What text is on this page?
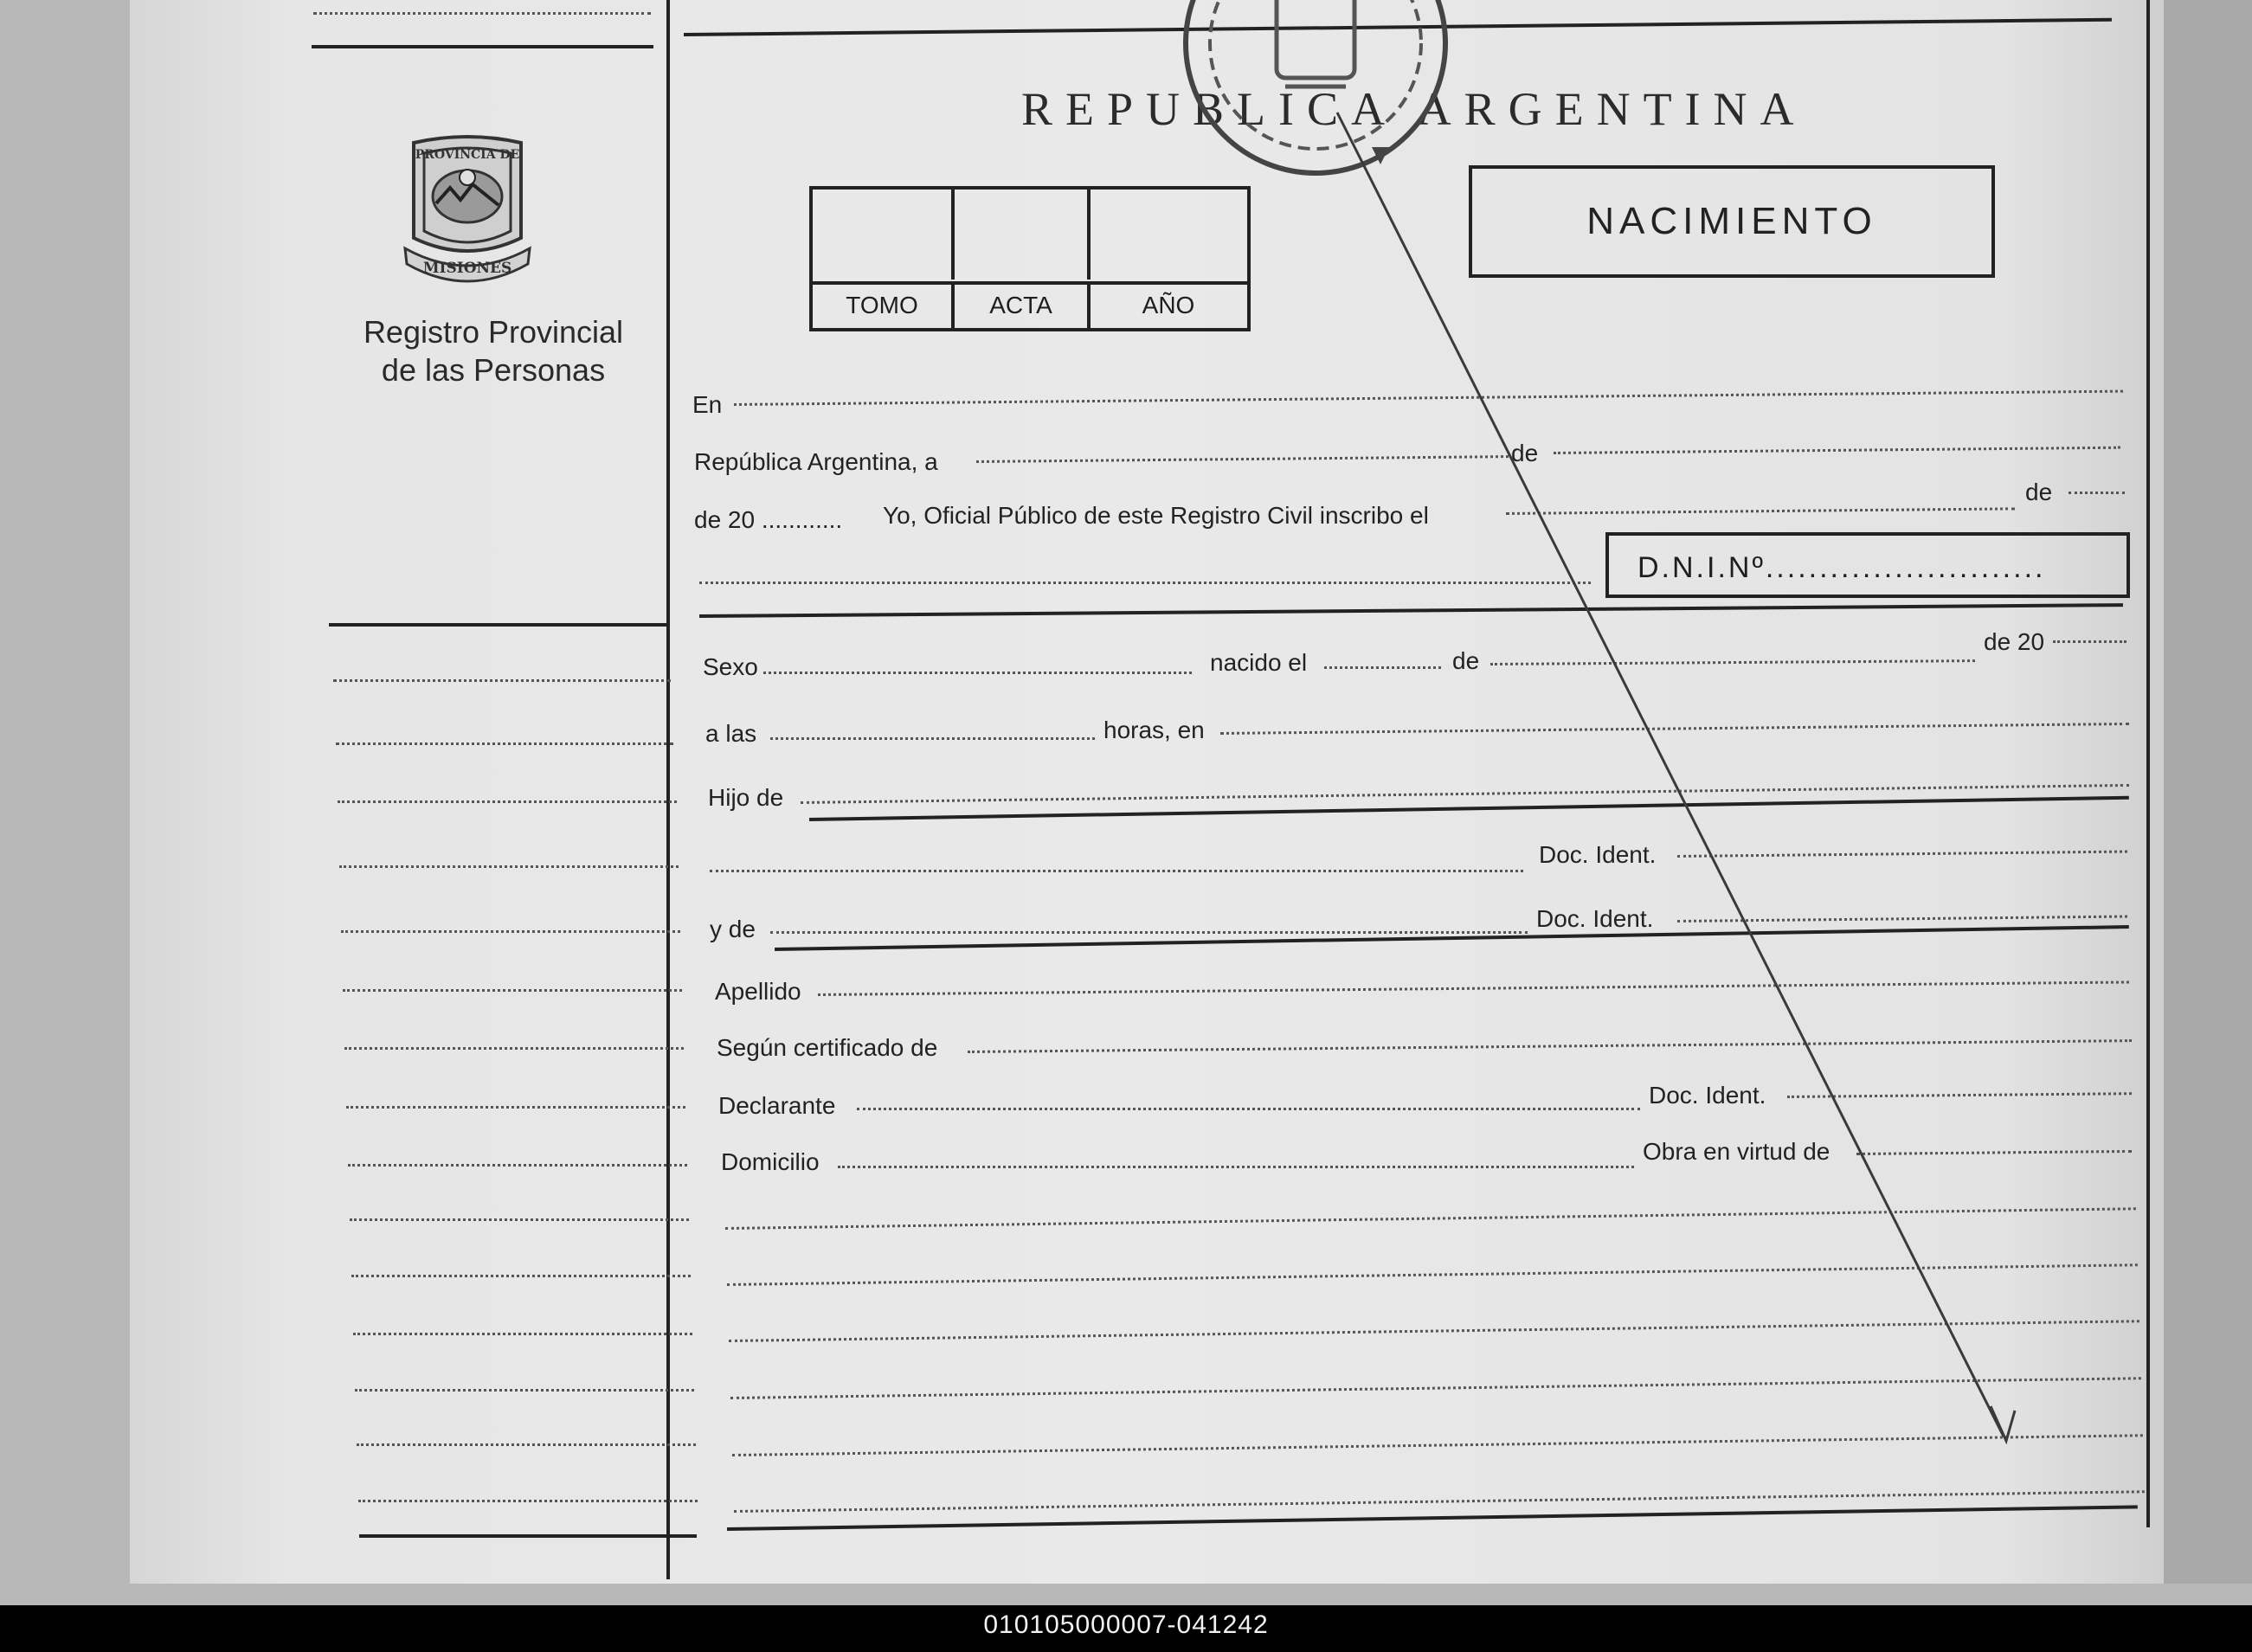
PROVINCIA DE
MISIONES
Registro Provincial
de las Personas
REPUBLICA ARGENTINA
TOMO	ACTA	AÑO
NACIMIENTO
En
República Argentina, a	de
de 20 ............ Yo, Oficial Público de este Registro Civil inscribo el
de
D.N.I.Nº..........................
Sexo	nacido el	de
de 20
a las	horas, en
Hijo de
Doc. Ident.
y de	Doc. Ident.
Apellido
Según certificado de
Declarante	Doc. Ident.
Domicilio	Obra en virtud de
010105000007-041242
